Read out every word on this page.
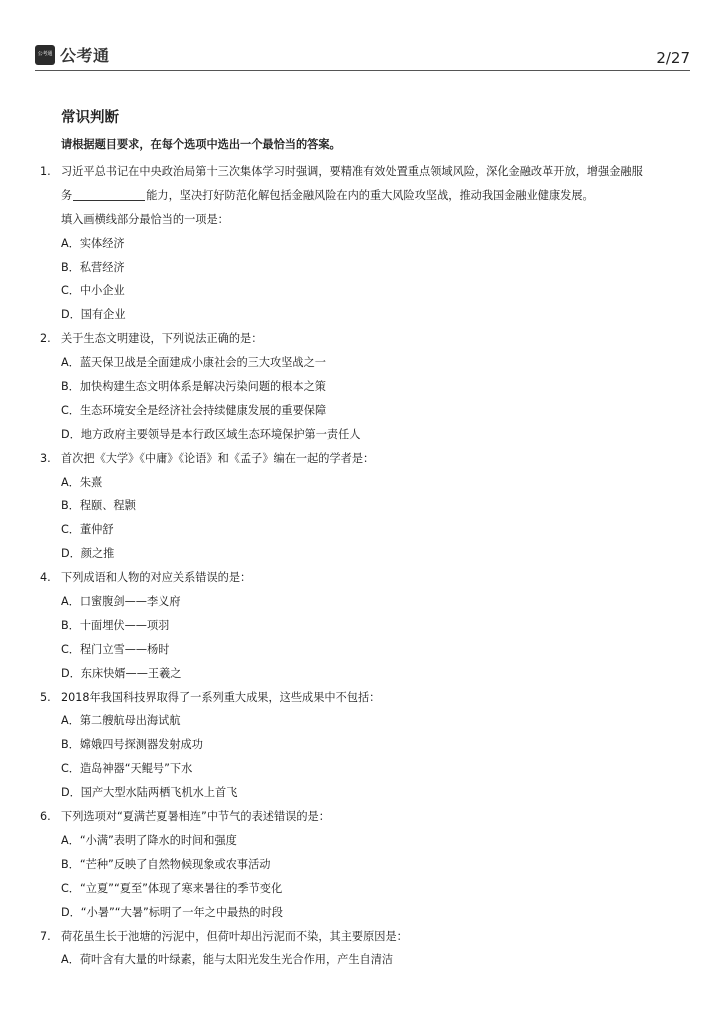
公考通 公考通	2/27
常识判断
请根据题目要求，在每个选项中选出一个最恰当的答案。
1. 习近平总书记在中央政治局第十三次集体学习时强调，要精准有效处置重点领域风险，深化金融改革开放，增强金融服
务	能力，坚决打好防范化解包括金融风险在内的重大风险攻坚战，推动我国金融业健康发展。
填入画横线部分最恰当的一项是：
A．实体经济
B．私营经济
C．中小企业
D．国有企业
2. 关于生态文明建设，下列说法正确的是：
A．蓝天保卫战是全面建成小康社会的三大攻坚战之一
B．加快构建生态文明体系是解决污染问题的根本之策
C．生态环境安全是经济社会持续健康发展的重要保障
D．地方政府主要领导是本行政区域生态环境保护第一责任人
3. 首次把《大学》《中庸》《论语》和《孟子》编在一起的学者是：
A．朱熹
B．程颐、程颢
C．董仲舒
D．颜之推
4. 下列成语和人物的对应关系错误的是：
A．口蜜腹剑——李义府
B．十面埋伏——项羽
C．程门立雪——杨时
D．东床快婿——王羲之
5. 2018年我国科技界取得了一系列重大成果，这些成果中不包括：
A．第二艘航母出海试航
B．嫦娥四号探测器发射成功
C．造岛神器“天鲲号”下水
D．国产大型水陆两栖飞机水上首飞
6. 下列选项对“夏满芒夏暑相连”中节气的表述错误的是：
A．“小满”表明了降水的时间和强度
B．“芒种”反映了自然物候现象或农事活动
C．“立夏”“夏至”体现了寒来暑往的季节变化
D．“小暑”“大暑”标明了一年之中最热的时段
7. 荷花虽生长于池塘的污泥中，但荷叶却出污泥而不染，其主要原因是：
A．荷叶含有大量的叶绿素，能与太阳光发生光合作用，产生自清洁
